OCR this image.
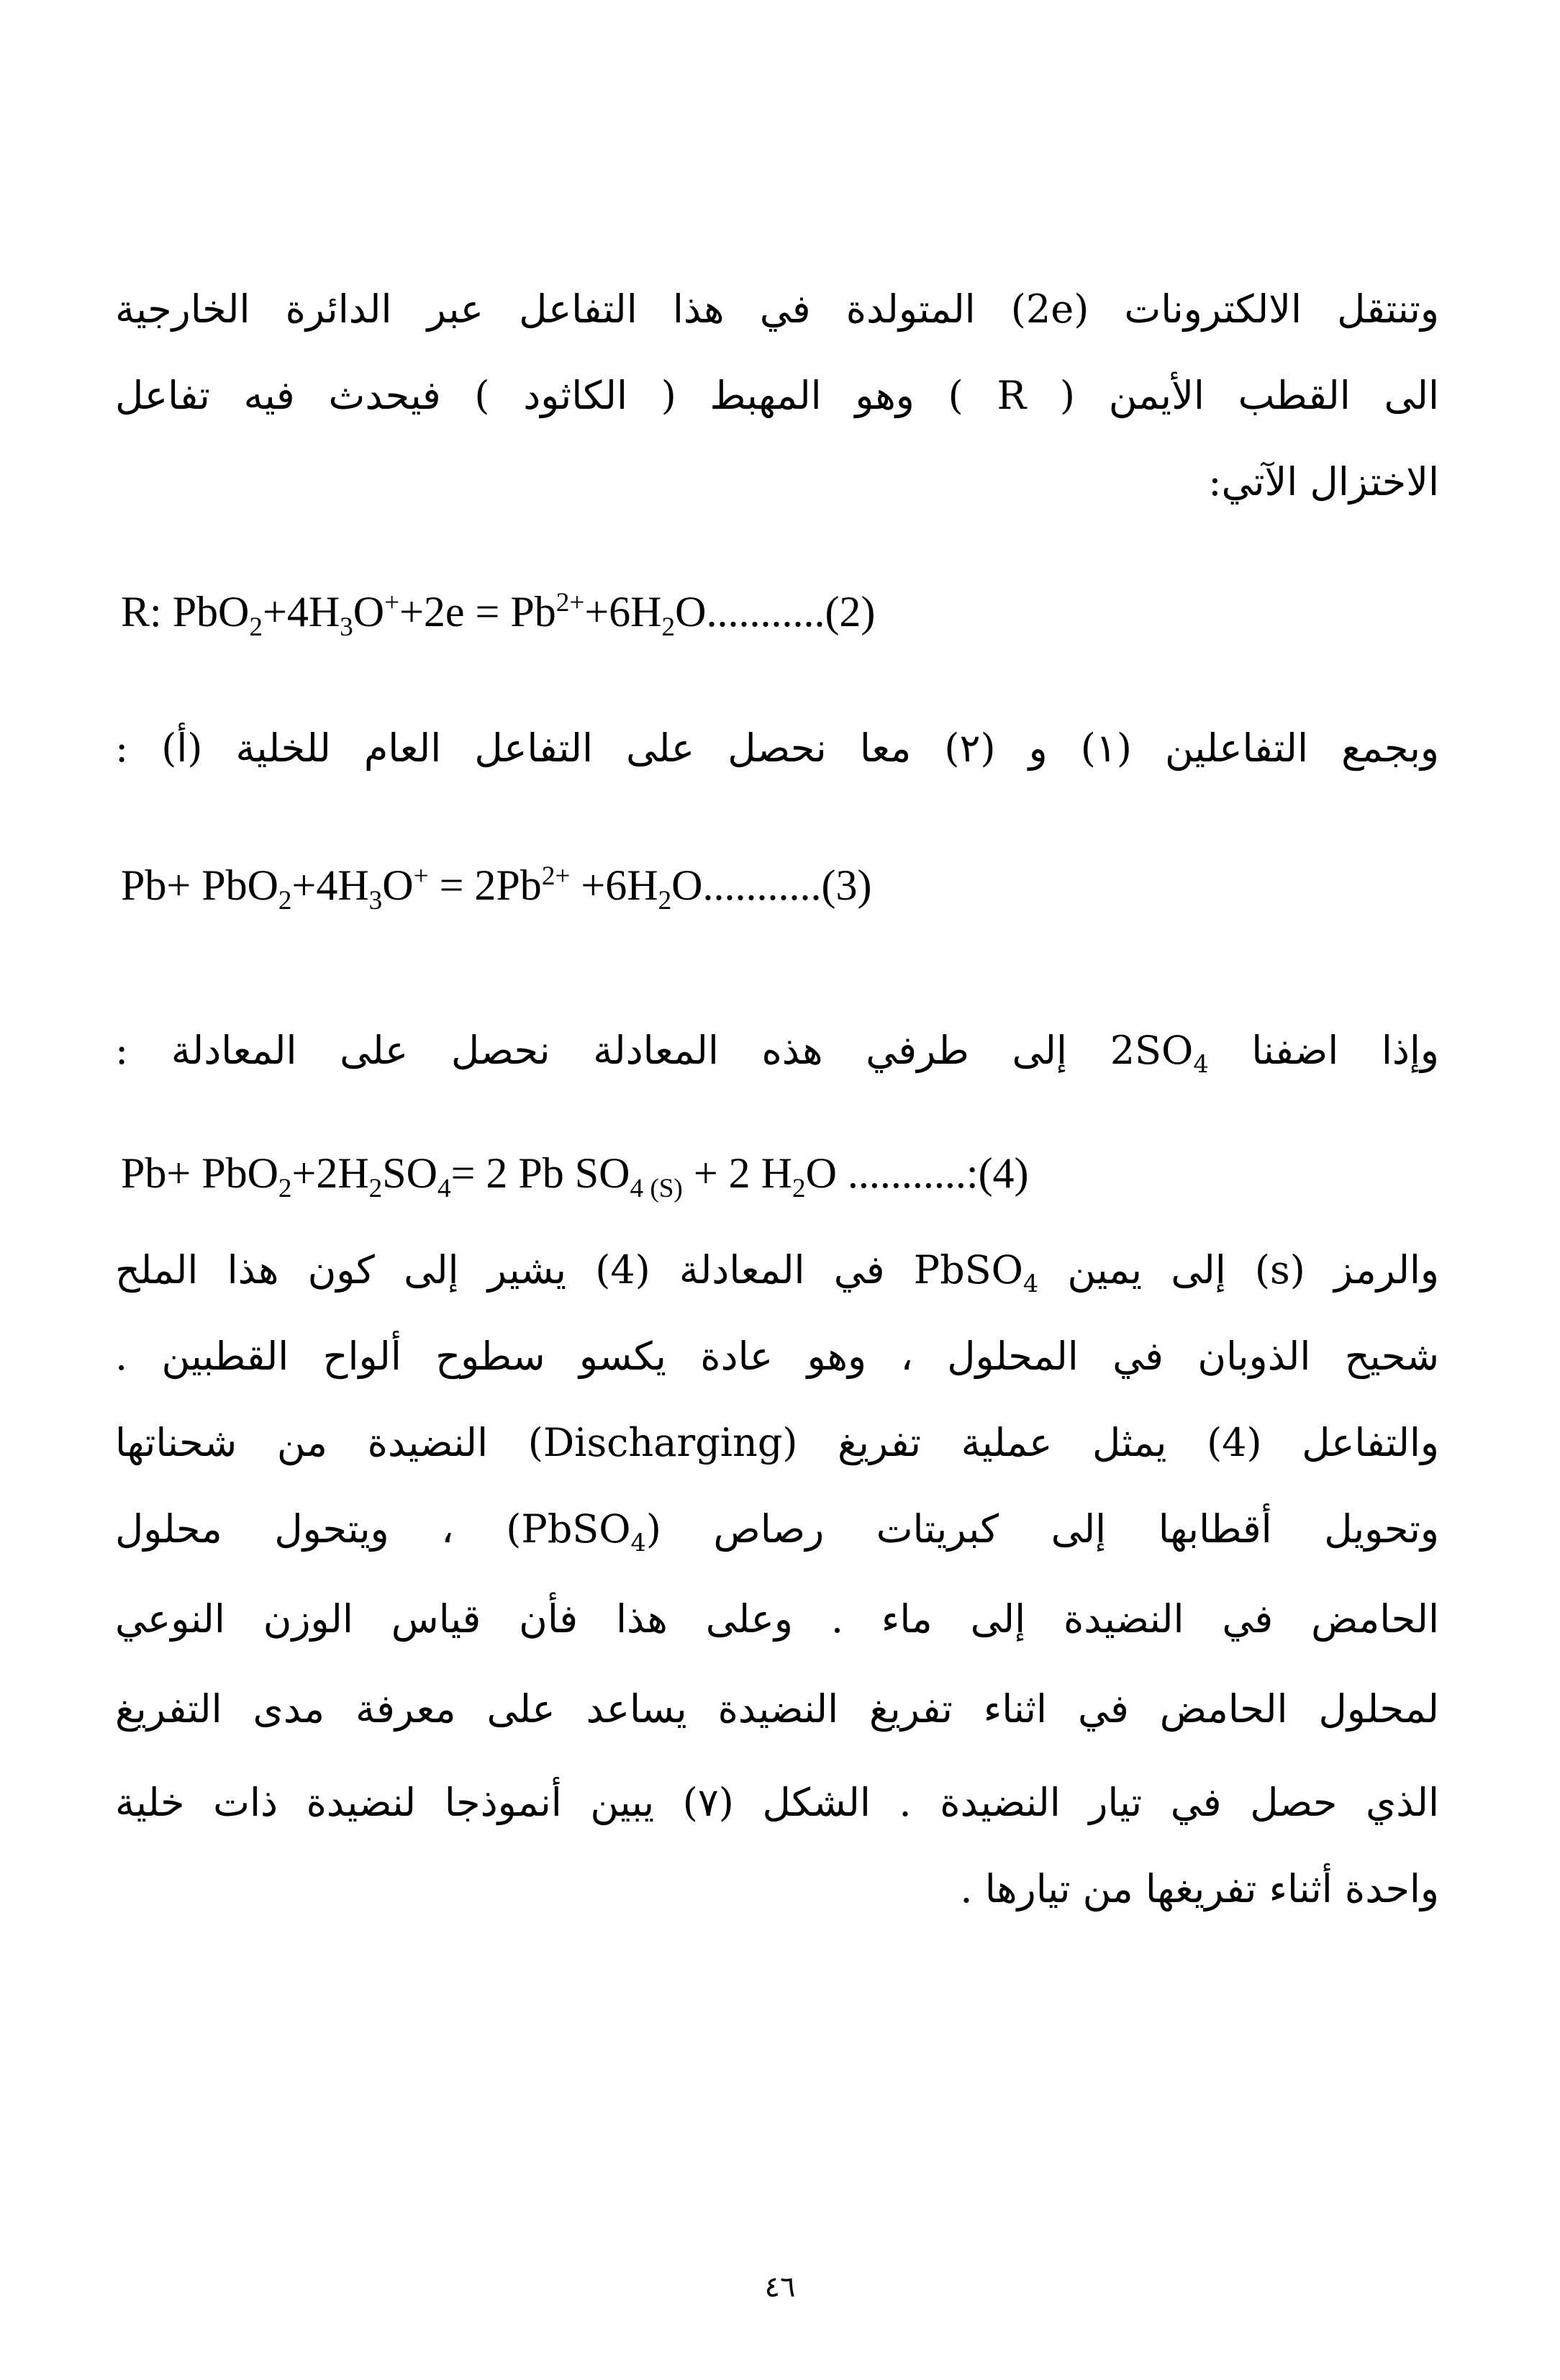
وتنتقل الالكترونات (2e) المتولدة في هذا التفاعل عبر الدائرة الخارجية
الى القطب الأيمن ( R ) وهو المهبط ( الكاثود ) فيحدث فيه تفاعل
الاختزال الآتي:
R: $PbO_2+4H_3O^++2e = Pb^{2+}+6H_2O...........(2)$
وبجمع التفاعلين (١) و (٢) معا نحصل على التفاعل العام للخلية (أ) :
$Pb+ PbO_2+4H_3O^+ = 2Pb^{2+} +6H_2O...........(3)$
وإذا اضفنا $2SO_4$ إلى طرفي هذه المعادلة نحصل على المعادلة :
$Pb+ PbO_2+2H_2SO_4= 2$ Pb $SO_{4 (S)} + 2$ $H_2O$ ...........:(4)
والرمز (s) إلى يمين PbSO$_4$ في المعادلة (4) يشير إلى كون هذا الملح
شحيح الذوبان في المحلول ، وهو عادة يكسو سطوح ألواح القطبين .
والتفاعل (4) يمثل عملية تفريغ (Discharging) النضيدة من شحناتها
وتحويل أقطابها إلى كبريتات رصاص (PbSO$_4$) ، ويتحول محلول
الحامض في النضيدة إلى ماء . وعلى هذا فأن قياس الوزن النوعي
لمحلول الحامض في اثناء تفريغ النضيدة يساعد على معرفة مدى التفريغ
الذي حصل في تيار النضيدة . الشكل (٧) يبين أنموذجا لنضيدة ذات خلية
واحدة أثناء تفريغها من تيارها .
٤٦
